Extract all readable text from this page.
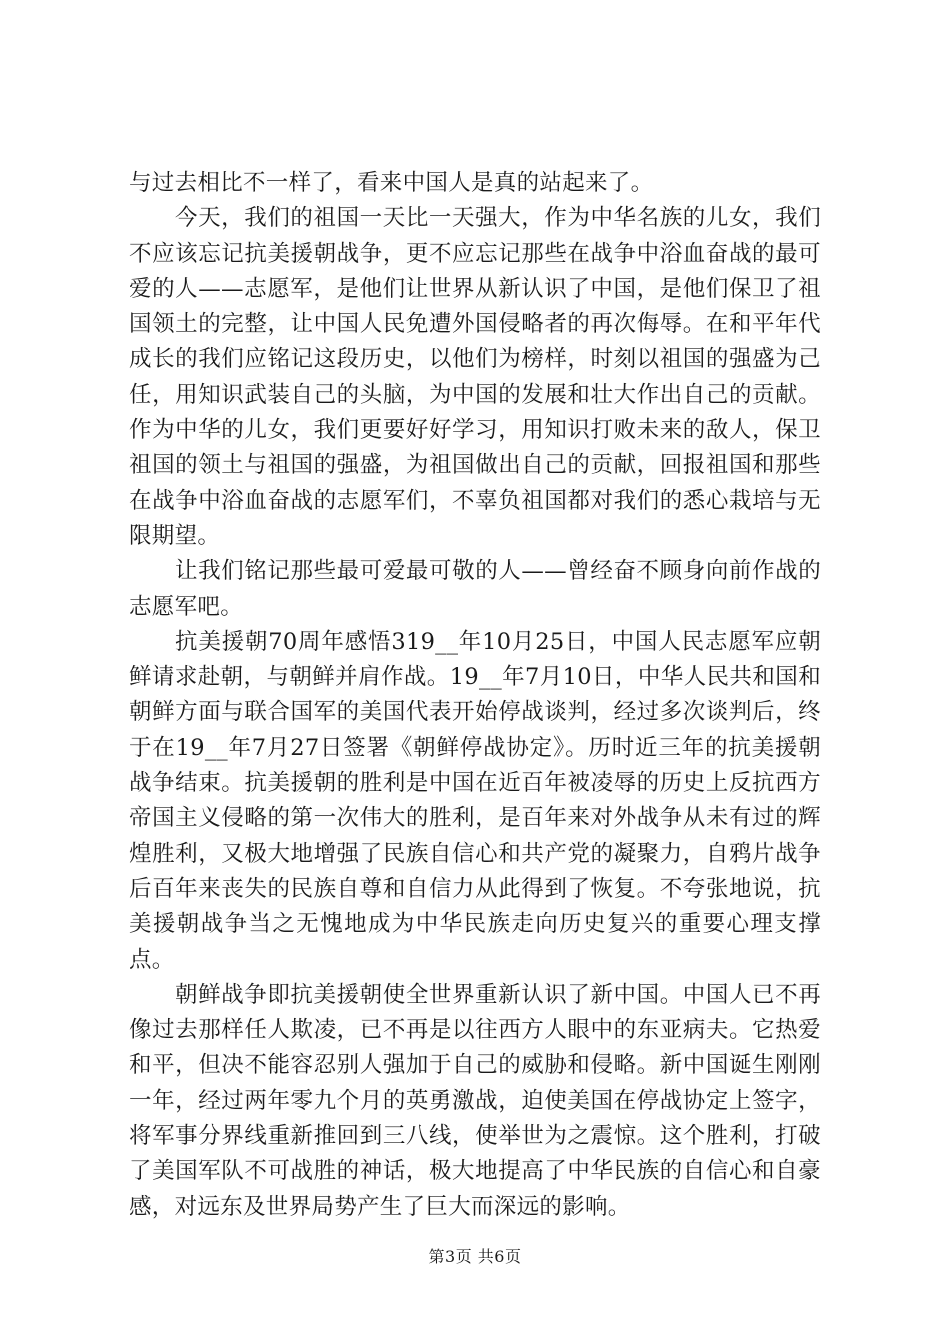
与过去相比不一样了，看来中国人是真的站起来了。

今天，我们的祖国一天比一天强大，作为中华名族的儿女，我们不应该忘记抗美援朝战争，更不应忘记那些在战争中浴血奋战的最可爱的人——志愿军，是他们让世界从新认识了中国，是他们保卫了祖国领土的完整，让中国人民免遭外国侵略者的再次侮辱。在和平年代成长的我们应铭记这段历史，以他们为榜样，时刻以祖国的强盛为己任，用知识武装自己的头脑，为中国的发展和壮大作出自己的贡献。作为中华的儿女，我们更要好好学习，用知识打败未来的敌人，保卫祖国的领土与祖国的强盛，为祖国做出自己的贡献，回报祖国和那些在战争中浴血奋战的志愿军们，不辜负祖国都对我们的悉心栽培与无限期望。

让我们铭记那些最可爱最可敬的人——曾经奋不顾身向前作战的志愿军吧。

抗美援朝70周年感悟319__年10月25日，中国人民志愿军应朝鲜请求赴朝，与朝鲜并肩作战。19__年7月10日，中华人民共和国和朝鲜方面与联合国军的美国代表开始停战谈判，经过多次谈判后，终于在19__年7月27日签署《朝鲜停战协定》。历时近三年的抗美援朝战争结束。抗美援朝的胜利是中国在近百年被凌辱的历史上反抗西方帝国主义侵略的第一次伟大的胜利，是百年来对外战争从未有过的辉煌胜利，又极大地增强了民族自信心和共产党的凝聚力，自鸦片战争后百年来丧失的民族自尊和自信力从此得到了恢复。不夸张地说，抗美援朝战争当之无愧地成为中华民族走向历史复兴的重要心理支撑点。

朝鲜战争即抗美援朝使全世界重新认识了新中国。中国人已不再像过去那样任人欺凌，已不再是以往西方人眼中的东亚病夫。它热爱和平，但决不能容忍别人强加于自己的威胁和侵略。新中国诞生刚刚一年，经过两年零九个月的英勇激战，迫使美国在停战协定上签字，将军事分界线重新推回到三八线，使举世为之震惊。这个胜利，打破了美国军队不可战胜的神话，极大地提高了中华民族的自信心和自豪感，对远东及世界局势产生了巨大而深远的影响。

第3页 共6页
